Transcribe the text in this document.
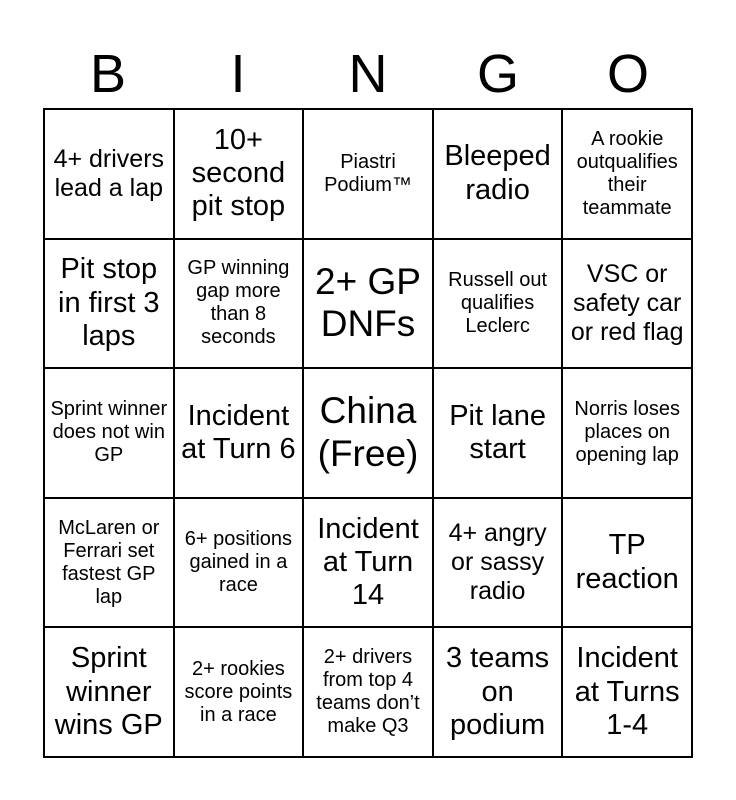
B	I	N	G	O
4+ drivers lead a lap
10+ second pit stop
Piastri Podium™
Bleeped radio
A rookie outqualifies their teammate
Pit stop in first 3 laps
GP winning gap more than 8 seconds
2+ GP DNFs
Russell out qualifies Leclerc
VSC or safety car or red flag
Sprint winner does not win GP
Incident at Turn 6
China (Free)
Pit lane start
Norris loses places on opening lap
McLaren or Ferrari set fastest GP lap
6+ positions gained in a race
Incident at Turn 14
4+ angry or sassy radio
TP reaction
Sprint winner wins GP
2+ rookies score points in a race
2+ drivers from top 4 teams don’t make Q3
3 teams on podium
Incident at Turns 1-4
